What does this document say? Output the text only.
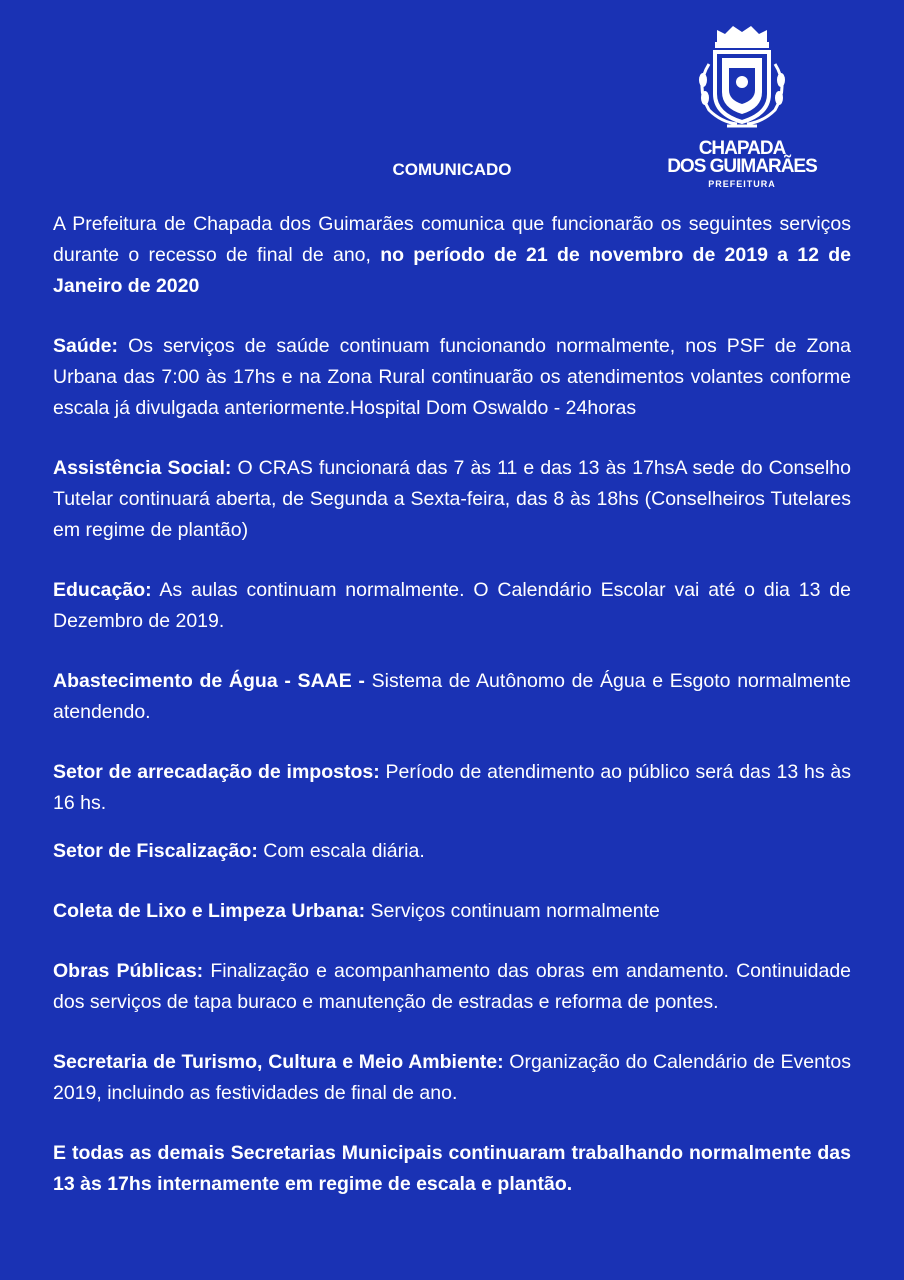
CHAPADA
DOS GUIMARÃES
PREFEITURA
COMUNICADO

A Prefeitura de Chapada dos Guimarães comunica que funcionarão os seguintes serviços durante o recesso de final de ano, no período de 21 de novembro de 2019 a 12 de Janeiro de 2020

Saúde: Os serviços de saúde continuam funcionando normalmente, nos PSF de Zona Urbana das 7:00 às 17hs e na Zona Rural continuarão os atendimentos volantes conforme escala já divulgada anteriormente.Hospital Dom Oswaldo - 24horas

Assistência Social: O CRAS funcionará das 7 às 11 e das 13 às 17hsA sede do Conselho Tutelar continuará aberta, de Segunda a Sexta-feira, das 8 às 18hs (Conselheiros Tutelares em regime de plantão)

Educação: As aulas continuam normalmente. O Calendário Escolar vai até o dia 13 de Dezembro de 2019.

Abastecimento de Água - SAAE - Sistema de Autônomo de Água e Esgoto normalmente atendendo.

Setor de arrecadação de impostos: Período de atendimento ao público será das 13 hs às 16 hs.

Setor de Fiscalização: Com escala diária.

Coleta de Lixo e Limpeza Urbana: Serviços continuam normalmente

Obras Públicas: Finalização e acompanhamento das obras em andamento. Continuidade dos serviços de tapa buraco e manutenção de estradas e reforma de pontes.

Secretaria de Turismo, Cultura e Meio Ambiente: Organização do Calendário de Eventos 2019, incluindo as festividades de final de ano.

E todas as demais Secretarias Municipais continuaram trabalhando normalmente das 13 às 17hs internamente em regime de escala e plantão.
